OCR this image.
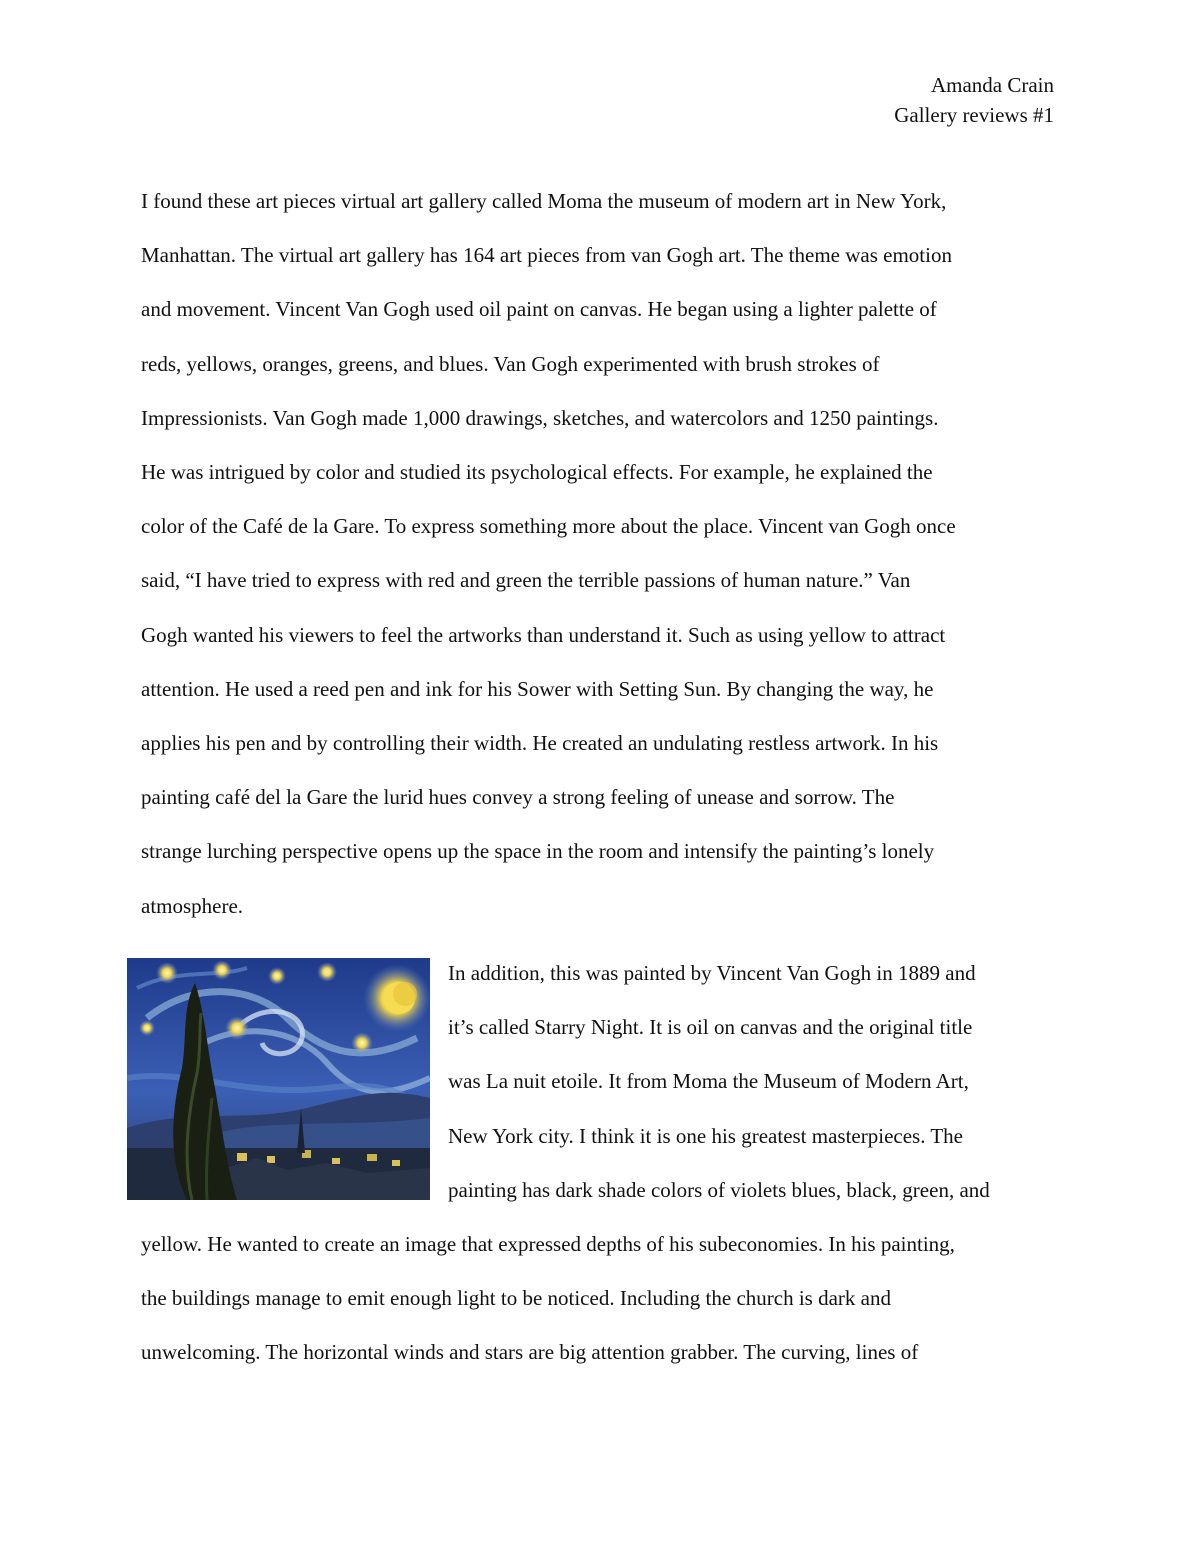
Amanda Crain
Gallery reviews #1
I found these art pieces virtual art gallery called Moma the museum of modern art in New York,
Manhattan. The virtual art gallery has 164 art pieces from van Gogh art. The theme was emotion
and movement. Vincent Van Gogh used oil paint on canvas. He began using a lighter palette of
reds, yellows, oranges, greens, and blues. Van Gogh experimented with brush strokes of
Impressionists. Van Gogh made 1,000 drawings, sketches, and watercolors and 1250 paintings.
He was intrigued by color and studied its psychological effects. For example, he explained the
color of the Café de la Gare. To express something more about the place. Vincent van Gogh once
said, “I have tried to express with red and green the terrible passions of human nature.” Van
Gogh wanted his viewers to feel the artworks than understand it. Such as using yellow to attract
attention. He used a reed pen and ink for his Sower with Setting Sun. By changing the way, he
applies his pen and by controlling their width. He created an undulating restless artwork. In his
painting café del la Gare the lurid hues convey a strong feeling of unease and sorrow. The
strange lurching perspective opens up the space in the room and intensify the painting’s lonely
atmosphere.
In addition, this was painted by Vincent Van Gogh in 1889 and
it’s called Starry Night. It is oil on canvas and the original title
was La nuit etoile. It from Moma the Museum of Modern Art,
New York city. I think it is one his greatest masterpieces. The
painting has dark shade colors of violets blues, black, green, and
yellow. He wanted to create an image that expressed depths of his subeconomies. In his painting,
the buildings manage to emit enough light to be noticed. Including the church is dark and
unwelcoming. The horizontal winds and stars are big attention grabber. The curving, lines of
